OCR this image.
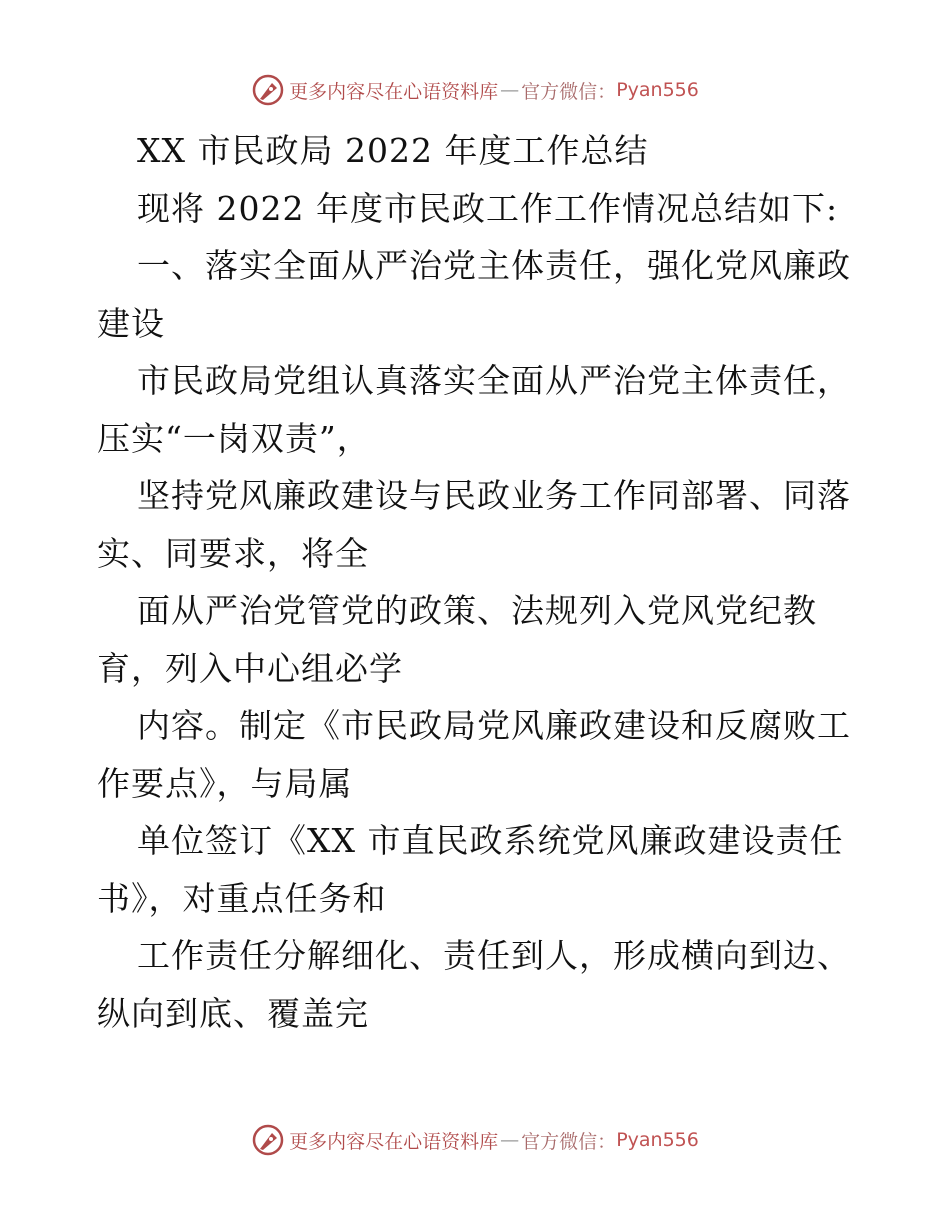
更多内容尽在心语资料库 — 官方微信： Pyan556
XX 市民政局 2022 年度工作总结
现将 2022 年度市民政工作工作情况总结如下:
一、落实全面从严治党主体责任，强化党风廉政
建设
市民政局党组认真落实全面从严治党主体责任，
压实“一岗双责”，
坚持党风廉政建设与民政业务工作同部署、同落
实、同要求，将全
面从严治党管党的政策、法规列入党风党纪教
育，列入中心组必学
内容。制定《市民政局党风廉政建设和反腐败工
作要点》，与局属
单位签订《XX 市直民政系统党风廉政建设责任
书》，对重点任务和
工作责任分解细化、责任到人，形成横向到边、
纵向到底、覆盖完
更多内容尽在心语资料库 — 官方微信： Pyan556
